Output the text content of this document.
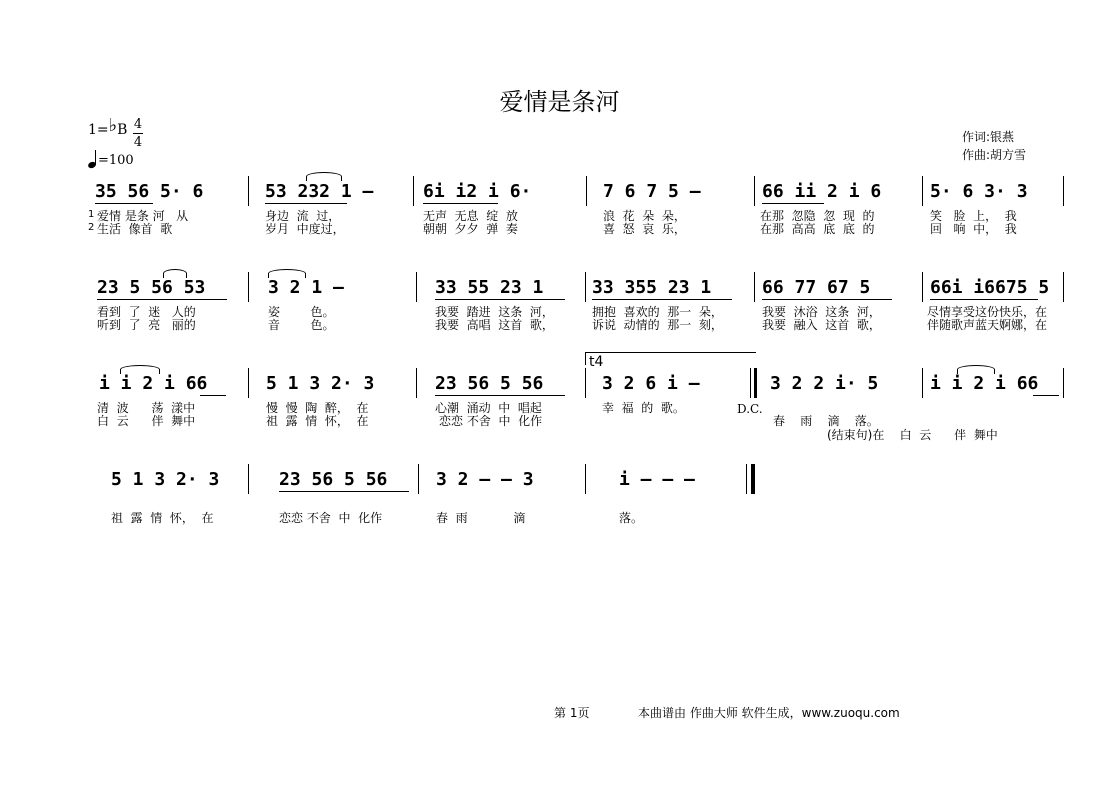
爱情是条河
1=♭B 4
4
=100
作词:银燕
作曲:胡方雪
35 56 5· 6	53 232 1 –	6i i2 i 6·	7 6 7 5 –	66 ii 2 i 6	5· 6 3· 3
1
2
爱情 是条 河   从	身边  流  过，	无声  无息  绽  放	浪  花  朵  朵，	在那  忽隐  忽  现  的	笑   脸  上，  我
生活  像首  歌	岁月  中度过，	朝朝  夕夕  弹  奏	喜  怒  哀  乐，	在那  高高  底  底  的	回   响  中，  我
23 5 56 53	3 2 1 –	33 55 23 1	33 355 23 1	66 77 67 5	66i i6675 5
看到  了  迷   人的	姿        色。	我要  踏进  这条  河，	拥抱  喜欢的  那一  朵，	我要  沐浴  这条  河，	尽情享受这份快乐，在
听到  了  亮   丽的	音        色。	我要  高唱  这首  歌，	诉说  动情的  那一  刻，	我要  融入  这首  歌，	伴随歌声蓝天婀娜，在
t4
i i 2 i 66	5 1 3 2· 3	23 56 5 56	3 2 6 i –	3 2 2 i· 5	i i 2 i 66
清  波      荡  漾中	慢  慢  陶  醉，  在	心潮  涌动  中  唱起	幸  福  的  歌。	D.C.
春    雨    滴    落。
白  云      伴  舞中	祖  露  情  怀，  在	恋恋 不舍  中  化作
(结束句)在    白  云      伴  舞中
5 1 3 2· 3	23 56 5 56	3 2 – – 3	i – – –
祖  露  情  怀，  在	恋恋 不舍  中  化作	春  雨            滴	落。
第 1页	本曲谱由 作曲大师 软件生成，www.zuoqu.com
